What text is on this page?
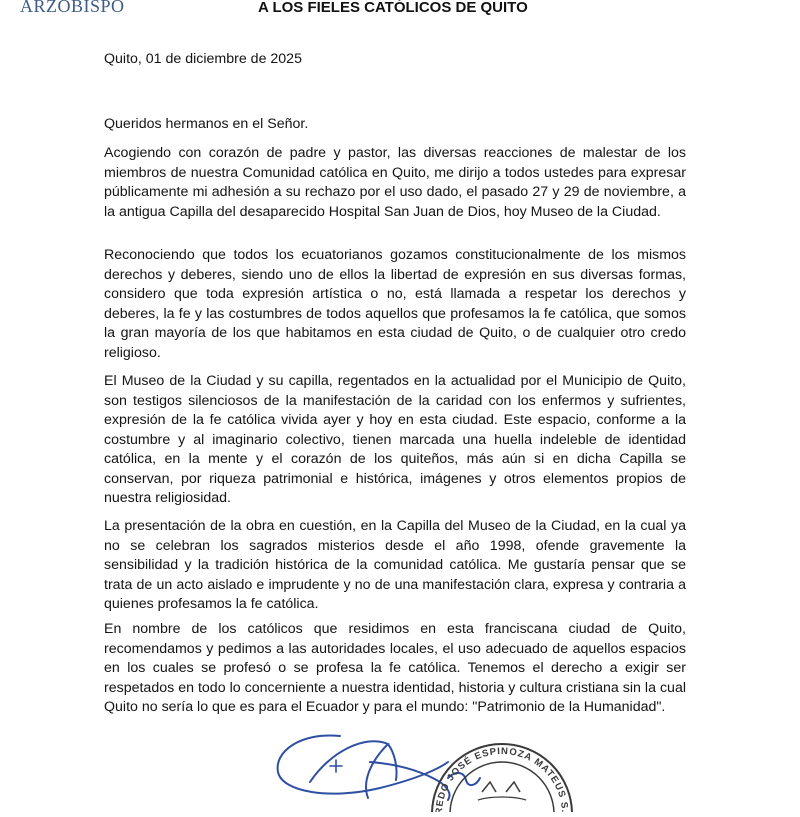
ARZOBISPO	A LOS FIELES CATÓLICOS DE QUITO
Quito, 01 de diciembre de 2025
Queridos hermanos en el Señor.

Acogiendo con corazón de padre y pastor, las diversas reacciones de malestar de los miembros de nuestra Comunidad católica en Quito, me dirijo a todos ustedes para expresar públicamente mi adhesión a su rechazo por el uso dado, el pasado 27 y 29 de noviembre, a la antigua Capilla del desaparecido Hospital San Juan de Dios, hoy Museo de la Ciudad.

Reconociendo que todos los ecuatorianos gozamos constitucionalmente de los mismos derechos y deberes, siendo uno de ellos la libertad de expresión en sus diversas formas, considero que toda expresión artística o no, está llamada a respetar los derechos y deberes, la fe y las costumbres de todos aquellos que profesamos la fe católica, que somos la gran mayoría de los que habitamos en esta ciudad de Quito, o de cualquier otro credo religioso.

El Museo de la Ciudad y su capilla, regentados en la actualidad por el Municipio de Quito, son testigos silenciosos de la manifestación de la caridad con los enfermos y sufrientes, expresión de la fe católica vivida ayer y hoy en esta ciudad. Este espacio, conforme a la costumbre y al imaginario colectivo, tienen marcada una huella indeleble de identidad católica, en la mente y el corazón de los quiteños, más aún si en dicha Capilla se conservan, por riqueza patrimonial e histórica, imágenes y otros elementos propios de nuestra religiosidad.

La presentación de la obra en cuestión, en la Capilla del Museo de la Ciudad, en la cual ya no se celebran los sagrados misterios desde el año 1998, ofende gravemente la sensibilidad y la tradición histórica de la comunidad católica. Me gustaría pensar que se trata de un acto aislado e imprudente y no de una manifestación clara, expresa y contraria a quienes profesamos la fe católica.

En nombre de los católicos que residimos en esta franciscana ciudad de Quito, recomendamos y pedimos a las autoridades locales, el uso adecuado de aquellos espacios en los cuales se profesó o se profesa la fe católica. Tenemos el derecho a exigir ser respetados en todo lo concerniente a nuestra identidad, historia y cultura cristiana sin la cual Quito no sería lo que es para el Ecuador y para el mundo: "Patrimonio de la Humanidad".

REDO JOSÉ ESPINOZA MATEUS S.
